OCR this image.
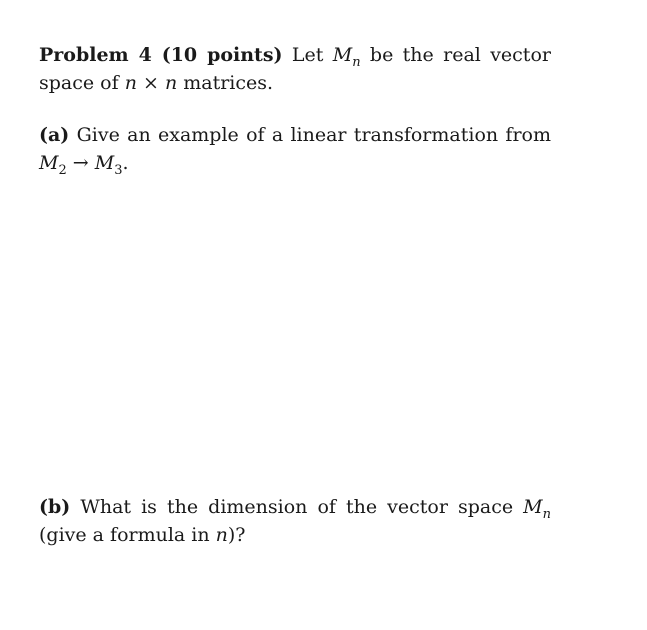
Problem 4 (10 points) Let $M_n$ be the real vector space of n × n matrices.
(a) Give an example of a linear transformation from $M_2 \to M_3$.
(b) What is the dimension of the vector space $M_n$ (give a formula in n)?
